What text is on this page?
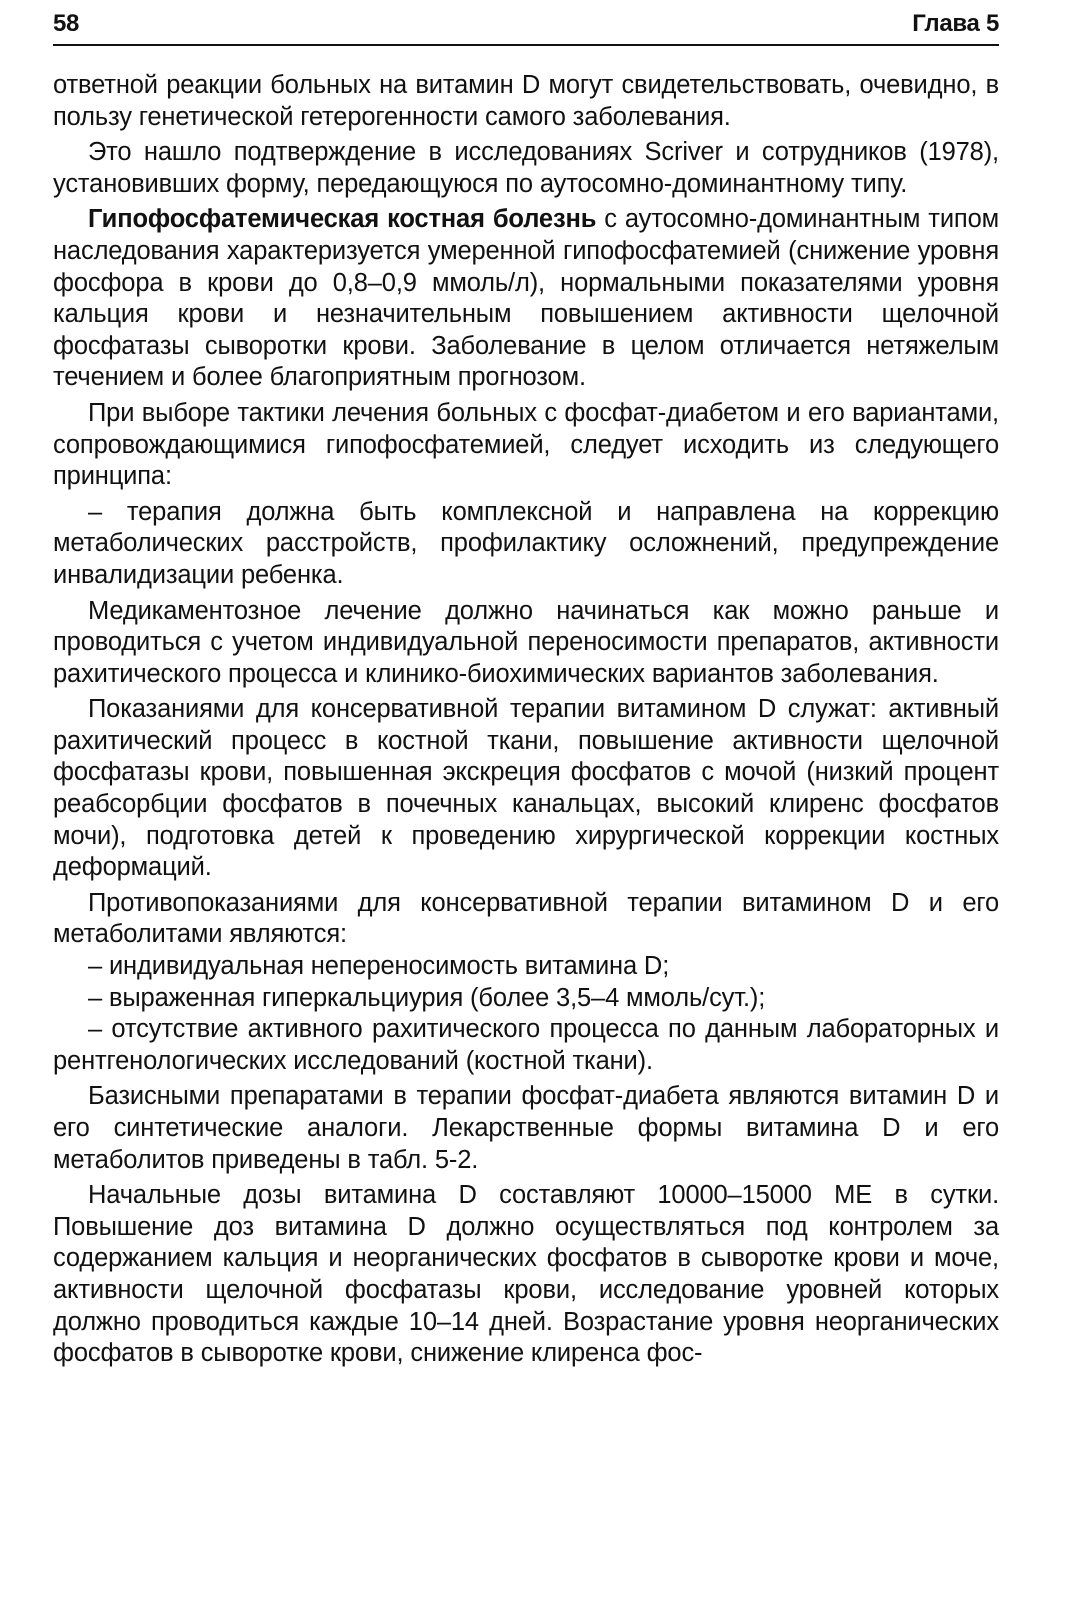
58	Глава 5

ответной реакции больных на витамин D могут свидетельствовать, очевидно, в пользу генетической гетерогенности самого заболевания.

Это нашло подтверждение в исследованиях Scriver и сотрудников (1978), установивших форму, передающуюся по аутосомно-доминантному типу.

Гипофосфатемическая костная болезнь с аутосомно-доминантным типом наследования характеризуется умеренной гипофосфатемией (снижение уровня фосфора в крови до 0,8–0,9 ммоль/л), нормальными показателями уровня кальция крови и незначительным повышением активности щелочной фосфатазы сыворотки крови. Заболевание в целом отличается нетяжелым течением и более благоприятным прогнозом.

При выборе тактики лечения больных с фосфат-диабетом и его вариантами, сопровождающимися гипофосфатемией, следует исходить из следующего принципа:

– терапия должна быть комплексной и направлена на коррекцию метаболических расстройств, профилактику осложнений, предупреждение инвалидизации ребенка.

Медикаментозное лечение должно начинаться как можно раньше и проводиться с учетом индивидуальной переносимости препаратов, активности рахитического процесса и клинико-биохимических вариантов заболевания.

Показаниями для консервативной терапии витамином D служат: активный рахитический процесс в костной ткани, повышение активности щелочной фосфатазы крови, повышенная экскреция фосфатов с мочой (низкий процент реабсорбции фосфатов в почечных канальцах, высокий клиренс фосфатов мочи), подготовка детей к проведению хирургической коррекции костных деформаций.

Противопоказаниями для консервативной терапии витамином D и его метаболитами являются:

– индивидуальная непереносимость витамина D;

– выраженная гиперкальциурия (более 3,5–4 ммоль/сут.);

– отсутствие активного рахитического процесса по данным лабораторных и рентгенологических исследований (костной ткани).

Базисными препаратами в терапии фосфат-диабета являются витамин D и его синтетические аналоги. Лекарственные формы витамина D и его метаболитов приведены в табл. 5-2.

Начальные дозы витамина D составляют 10000–15000 МЕ в сутки. Повышение доз витамина D должно осуществляться под контролем за содержанием кальция и неорганических фосфатов в сыворотке крови и моче, активности щелочной фосфатазы крови, исследование уровней которых должно проводиться каждые 10–14 дней. Возрастание уровня неорганических фосфатов в сыворотке крови, снижение клиренса фос-
